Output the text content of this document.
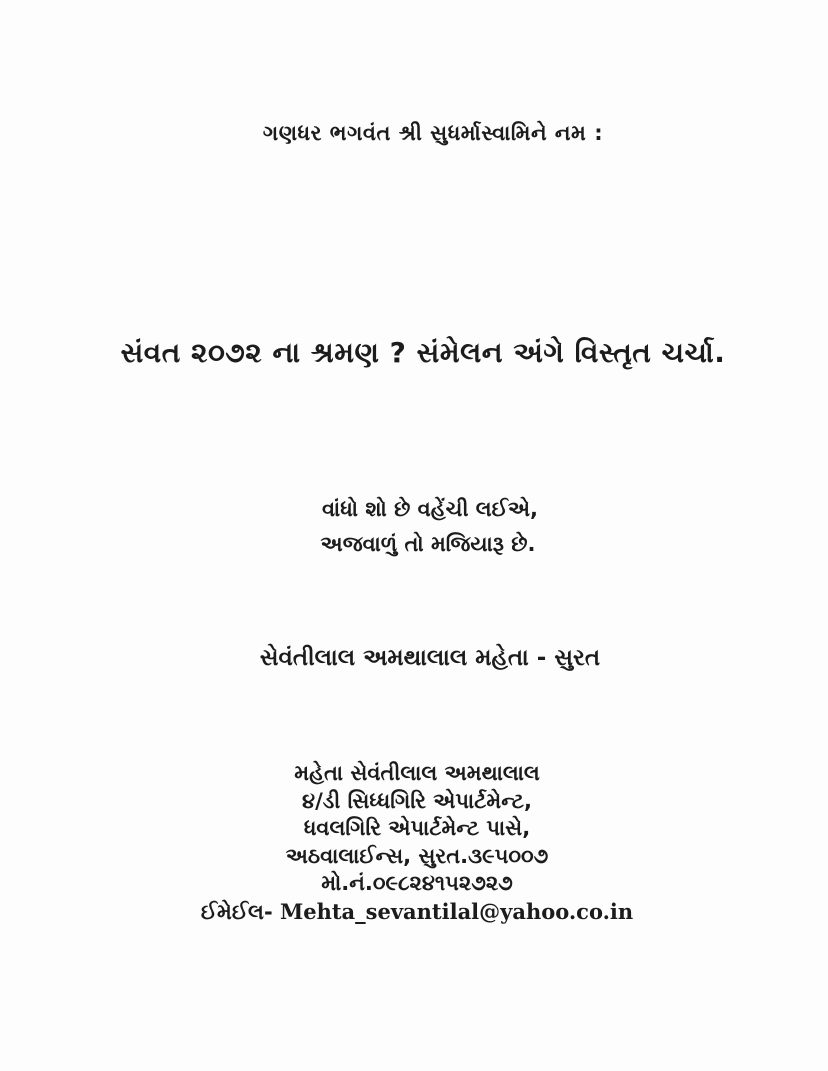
ગણધર ભગવંત શ્રી સુધર્માસ્વામિને નમ :
સંવત ૨૦૭૨ ના શ્રમણ ? સંમેલન અંગે વિસ્તૃત ચર્ચા.
વાંધો શો છે વહેંચી લઈએ,
અજવાળું તો મજિયારૂ છે.
સેવંતીલાલ અમથાલાલ મહેતા - સુરત
મહેતા સેવંતીલાલ અમથાલાલ
૪/ડી સિધ્ધગિરિ એપાર્ટમેન્ટ,
ધવલગિરિ એપાર્ટમેન્ટ પાસે,
અઠવાલાઈન્સ, સુરત.૩૯૫૦૦૭
મો.નં.૦૯૮૨૪૧૫૨૭૨૭
ઈમેઈલ- Mehta_sevantilal@yahoo.co.in
